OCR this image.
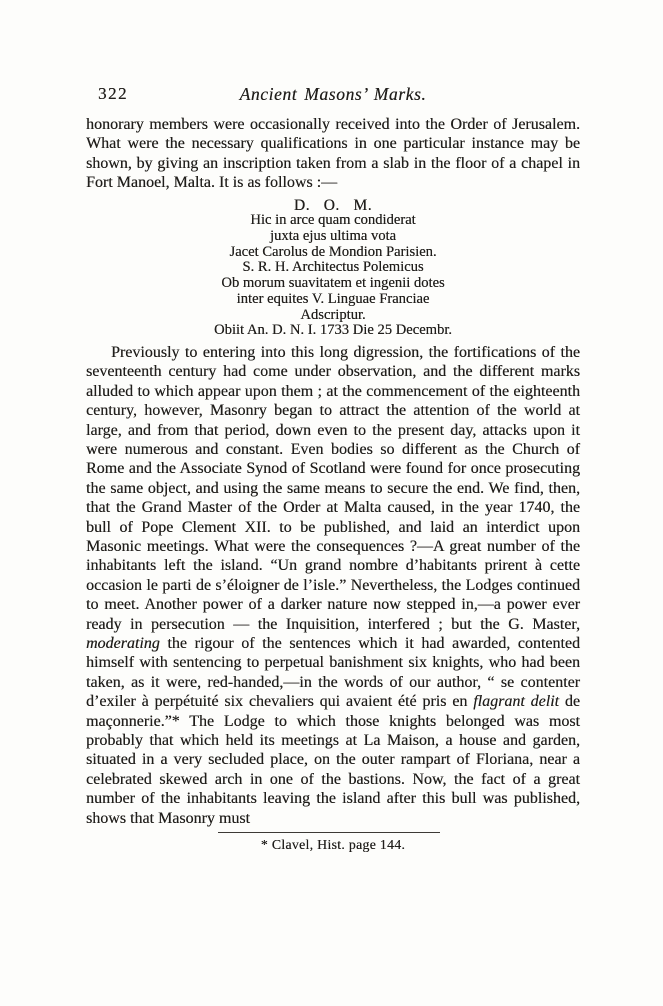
322	Ancient Masons’ Marks.

honorary members were occasionally received into the Order of Jerusalem. What were the necessary qualifications in one particular instance may be shown, by giving an inscription taken from a slab in the floor of a chapel in Fort Manoel, Malta. It is as follows :—

D. O. M.
Hic in arce quam condiderat
juxta ejus ultima vota
Jacet Carolus de Mondion Parisien.
S. R. H. Architectus Polemicus
Ob morum suavitatem et ingenii dotes
inter equites V. Linguae Franciae
Adscriptur.
Obiit An. D. N. I. 1733 Die 25 Decembr.

Previously to entering into this long digression, the fortifications of the seventeenth century had come under observation, and the different marks alluded to which appear upon them ; at the commencement of the eighteenth century, however, Masonry began to attract the attention of the world at large, and from that period, down even to the present day, attacks upon it were numerous and constant. Even bodies so different as the Church of Rome and the Associate Synod of Scotland were found for once prosecuting the same object, and using the same means to secure the end. We find, then, that the Grand Master of the Order at Malta caused, in the year 1740, the bull of Pope Clement XII. to be published, and laid an interdict upon Masonic meetings. What were the consequences ?—A great number of the inhabitants left the island. “Un grand nombre d’habitants prirent à cette occasion le parti de s’éloigner de l’isle.” Nevertheless, the Lodges continued to meet. Another power of a darker nature now stepped in,—a power ever ready in persecution — the Inquisition, interfered ; but the G. Master, moderating the rigour of the sentences which it had awarded, contented himself with sentencing to perpetual banishment six knights, who had been taken, as it were, red-handed,—in the words of our author, “ se contenter d’exiler à perpétuité six chevaliers qui avaient été pris en flagrant delit de maçonnerie.”* The Lodge to which those knights belonged was most probably that which held its meetings at La Maison, a house and garden, situated in a very secluded place, on the outer rampart of Floriana, near a celebrated skewed arch in one of the bastions. Now, the fact of a great number of the inhabitants leaving the island after this bull was published, shows that Masonry must

* Clavel, Hist. page 144.
